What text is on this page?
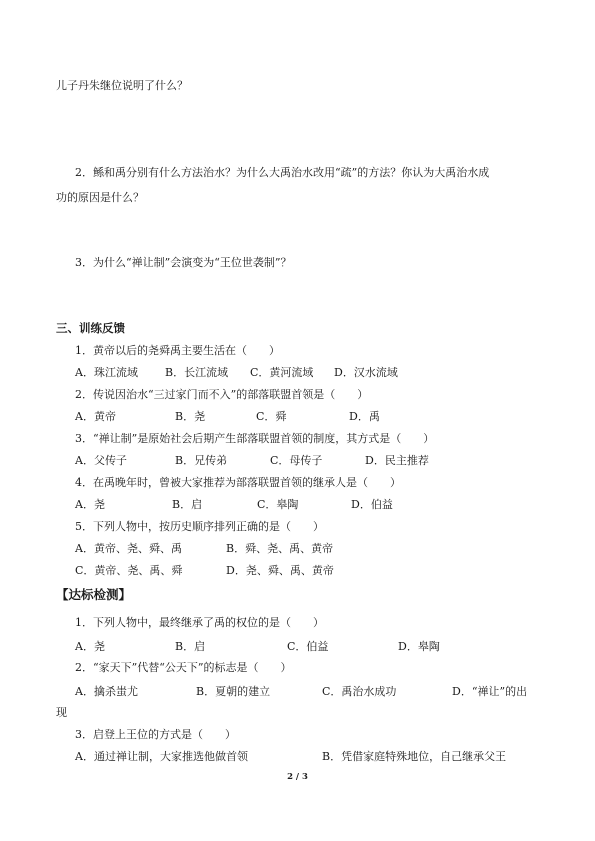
儿子丹朱继位说明了什么？
2．鲧和禹分别有什么方法治水？为什么大禹治水改用“疏”的方法？你认为大禹治水成
功的原因是什么？
3．为什么“禅让制”会演变为“王位世袭制”？
三、训练反馈
1．黄帝以后的尧舜禹主要生活在（　　）
A．珠江流域 B．长江流域 C．黄河流域 D．汉水流域
2．传说因治水“三过家门而不入”的部落联盟首领是（　　）
A．黄帝	B．尧	C．舜	D．禹
3．“禅让制”是原始社会后期产生部落联盟首领的制度，其方式是（　　）
A．父传子	B．兄传弟	C．母传子	D．民主推荐
4．在禹晚年时，曾被大家推荐为部落联盟首领的继承人是（　　）
A．尧	B．启	C．皋陶	D．伯益
5．下列人物中，按历史顺序排列正确的是（　　）
A．黄帝、尧、舜、禹	B．舜、尧、禹、黄帝
C．黄帝、尧、禹、舜	D．尧、舜、禹、黄帝
【达标检测】
1．下列人物中，最终继承了禹的权位的是（　　）
A．尧	B．启	C．伯益	D．皋陶
2．“家天下”代替“公天下”的标志是（　　）
A．擒杀蚩尤	B．夏朝的建立	C．禹治水成功	D．“禅让”的出
现
3．启登上王位的方式是（　　）
A．通过禅让制，大家推选他做首领	B．凭借家庭特殊地位，自己继承父王
2 / 3
